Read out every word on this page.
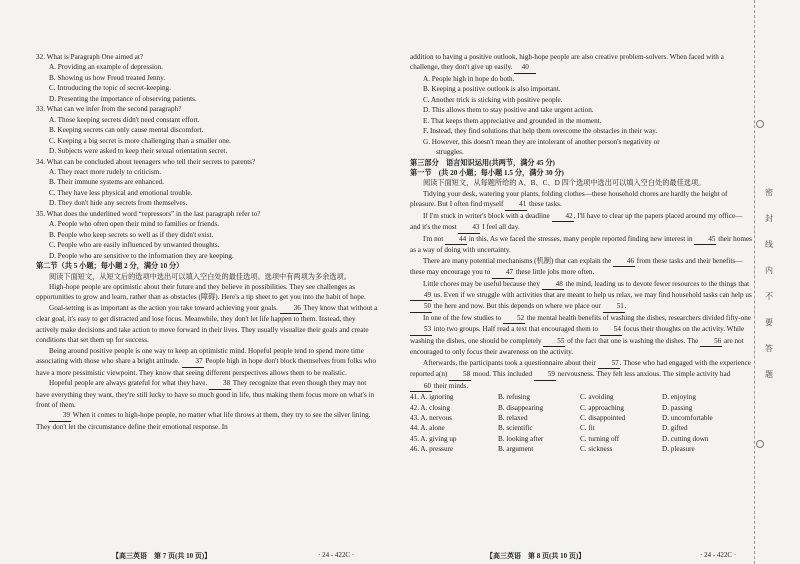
32. What is Paragraph One aimed at?

A. Providing an example of depression.

B. Showing us how Freud treated Jenny.

C. Introducing the topic of secret-keeping.

D. Presenting the importance of observing patients.

33. What can we infer from the second paragraph?

A. Those keeping secrets didn't need constant effort.

B. Keeping secrets can only cause mental discomfort.

C. Keeping a big secret is more challenging than a smaller one.

D. Subjects were asked to keep their sexual orientation secret.

34. What can be concluded about teenagers who tell their secrets to parents?

A. They react more rudely to criticism.

B. Their immune systems are enhanced.

C. They have less physical and emotional trouble.

D. They don't hide any secrets from themselves.

35. What does the underlined word “repressors” in the last paragraph refer to?

A. People who often open their mind to families or friends.

B. People who keep secrets so well as if they didn't exist.

C. People who are easily influenced by unwanted thoughts.

D. People who are sensitive to the information they are keeping.

第二节（共 5 小题；每小题 2 分，满分 10 分）

阅读下面短文，从短文后的选项中选出可以填入空白处的最佳选项。选项中有两项为多余选项。

High-hope people are optimistic about their future and they believe in possibilities. They see challenges as opportunities to grow and learn, rather than as obstacles (障碍). Here's a tip sheet to get you into the habit of hope.

Goal-setting is as important as the action you take toward achieving your goals. 36 They know that without a clear goal, it's easy to get distracted and lose focus. Meanwhile, they don't let life happen to them. Instead, they actively make decisions and take action to move forward in their lives. They usually visualize their goals and create conditions that set them up for success.

Being around positive people is one way to keep an optimistic mind. Hopeful people tend to spend more time associating with those who share a bright attitude. 37 People high in hope don't block themselves from folks who have a more pessimistic viewpoint. They know that seeing different perspectives allows them to be realistic.

Hopeful people are always grateful for what they have. 38 They recognize that even though they may not have everything they want, they're still lucky to have so much good in life, thus making them focus more on what's in front of them.

39 When it comes to high-hope people, no matter what life throws at them, they try to see the silver lining. They don't let the circumstance define their emotional response. In

【高三英语　第 7 页(共 10 页)】	· 24 - 422C ·

addition to having a positive outlook, high-hope people are also creative problem-solvers. When faced with a challenge, they don't give up easily. 40

A. People high in hope do both.

B. Keeping a positive outlook is also important.

C. Another trick is sticking with positive people.

D. This allows them to stay positive and take urgent action.

E. That keeps them appreciative and grounded in the moment.

F. Instead, they find solutions that help them overcome the obstacles in their way.

G. However, this doesn't mean they are intolerant of another person's negativity or

struggles.

第三部分　语言知识运用(共两节，满分 45 分)

第一节　(共 20 小题；每小题 1.5 分，满分 30 分)

阅读下面短文，从每题所给的 A、B、C、D 四个选项中选出可以填入空白处的最佳选项。

Tidying your desk, watering your plants, folding clothes—these household chores are hardly the height of pleasure. But I often find myself 41 these tasks.

If I'm stuck in writer's block with a deadline 42, I'll have to clear up the papers placed around my office—and it's the most 43 I feel all day.

I'm not 44 in this. As we faced the stresses, many people reported finding new interest in 45 their homes as a way of doing with uncertainty.

There are many potential mechanisms (机制) that can explain the 46 from these tasks and their benefits—these may encourage you to 47 these little jobs more often.

Little chores may be useful because they 48 the mind, leading us to devote fewer resources to the things that 49 us. Even if we struggle with activities that are meant to help us relax, we may find household tasks can help us 50 the here and now. But this depends on where we place our 51.

In one of the few studies to 52 the mental health benefits of washing the dishes, researchers divided fifty-one 53 into two groups. Half read a text that encouraged them to 54 focus their thoughts on the activity. While washing the dishes, one should be completely 55 of the fact that one is washing the dishes. The 56 are not encouraged to only focus their awareness on the activity.

Afterwards, the participants took a questionnaire about their 57. Those who had engaged with the experience reported a(n) 58 mood. This included 59 nervousness. They felt less anxious. The simple activity had 60 their minds.

41. A. ignoring	B. refusing	C. avoiding	D. enjoying
42. A. closing	B. disappearing	C. approaching	D. passing
43. A. nervous	B. relaxed	C. disappointed	D. uncomfortable
44. A. alone	B. scientific	C. fit	D. gifted
45. A. giving up	B. looking after	C. turning off	D. cutting down
46. A. pressure	B. argument	C. sickness	D. pleasure
【高三英语　第 8 页(共 10 页)】	· 24 - 422C ·
密
封
线
内
不
要
答
题
